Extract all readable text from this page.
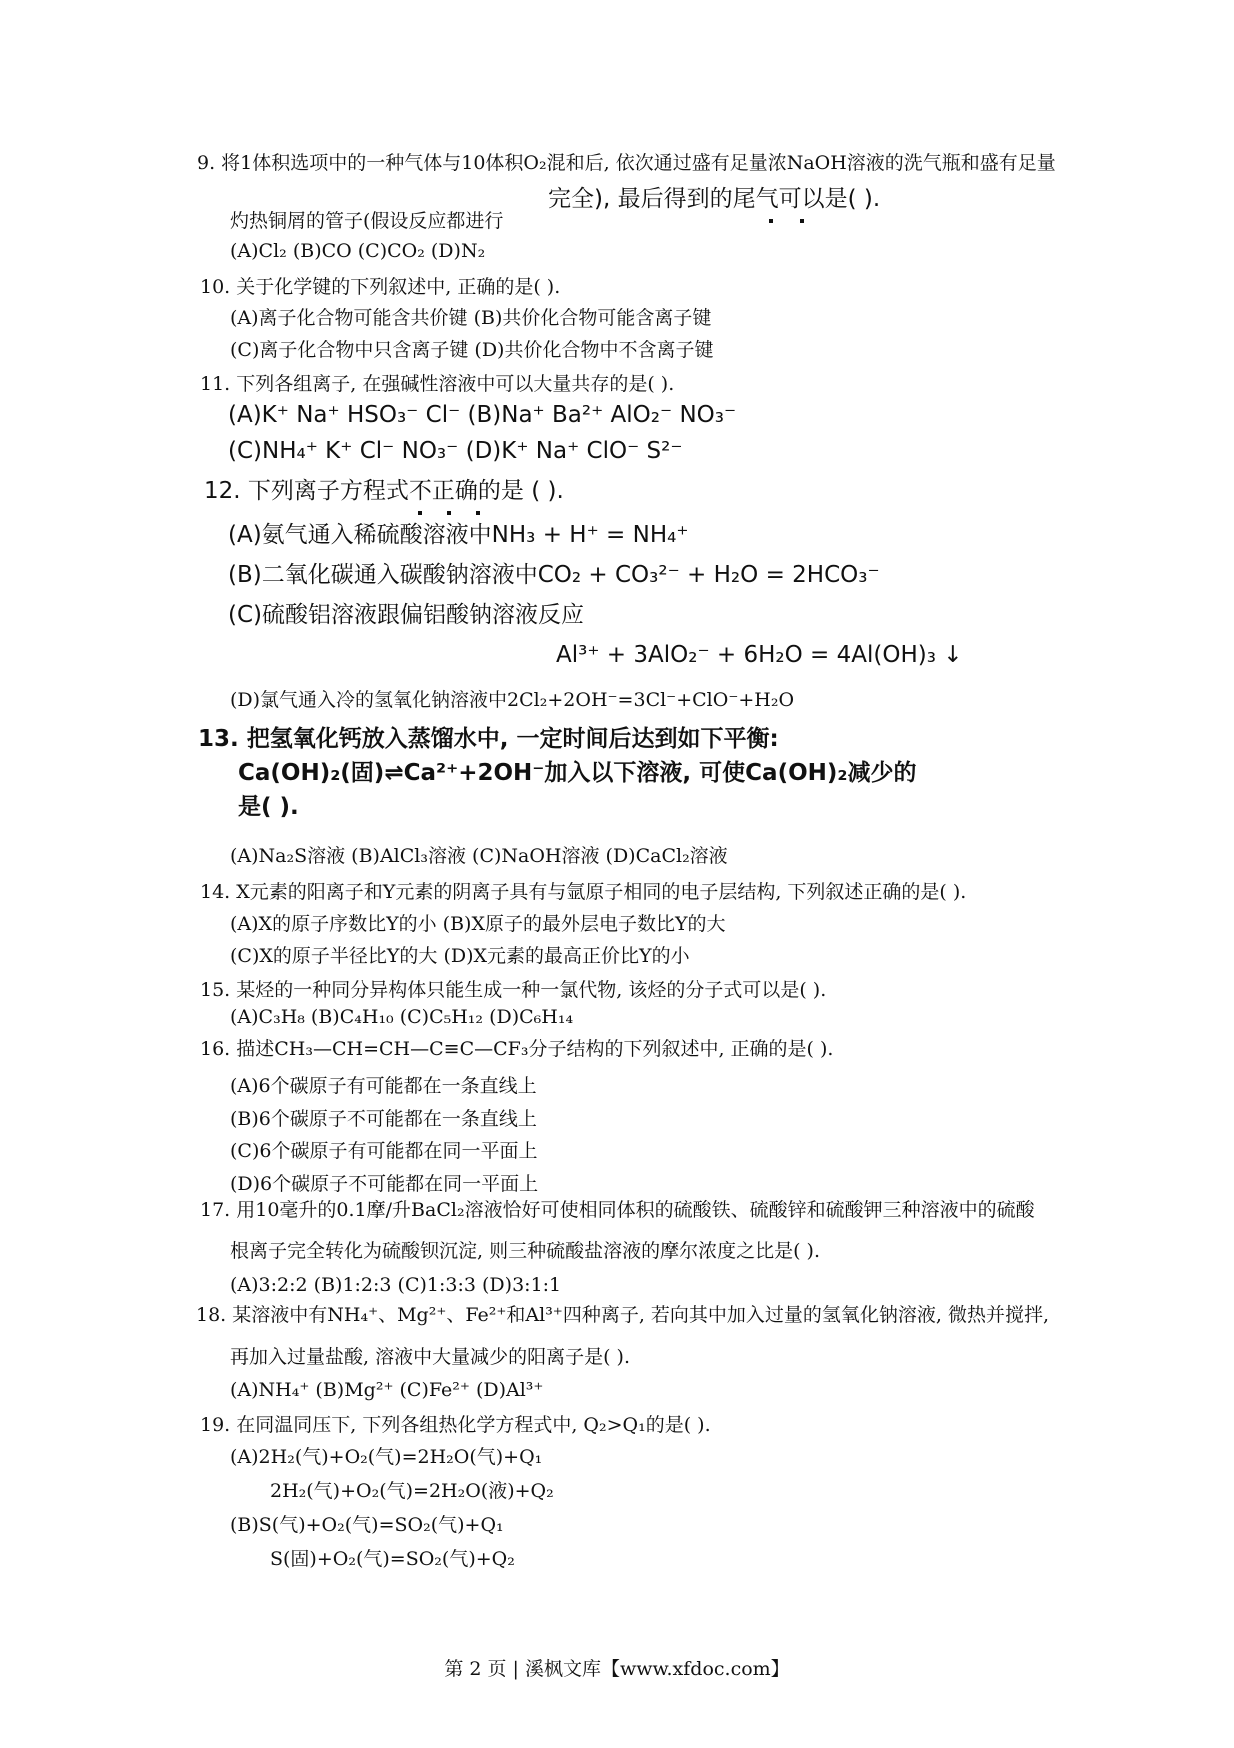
9. 将1体积选项中的一种气体与10体积O₂混和后, 依次通过盛有足量浓NaOH溶液的洗气瓶和盛有足量
完全), 最后得到的尾气可以是( ).
灼热铜屑的管子(假设反应都进行
(A)Cl₂ (B)CO (C)CO₂ (D)N₂
10. 关于化学键的下列叙述中, 正确的是( ).
(A)离子化合物可能含共价键 (B)共价化合物可能含离子键
(C)离子化合物中只含离子键 (D)共价化合物中不含离子键
11. 下列各组离子, 在强碱性溶液中可以大量共存的是( ).
(A)K⁺ Na⁺ HSO₃⁻ Cl⁻ (B)Na⁺ Ba²⁺ AlO₂⁻ NO₃⁻
(C)NH₄⁺ K⁺ Cl⁻ NO₃⁻ (D)K⁺ Na⁺ ClO⁻ S²⁻
12. 下列离子方程式不正确的是 ( ).
(A)氨气通入稀硫酸溶液中NH₃ + H⁺ = NH₄⁺
(B)二氧化碳通入碳酸钠溶液中CO₂ + CO₃²⁻ + H₂O = 2HCO₃⁻
(C)硫酸铝溶液跟偏铝酸钠溶液反应
Al³⁺ + 3AlO₂⁻ + 6H₂O = 4Al(OH)₃ ↓
(D)氯气通入冷的氢氧化钠溶液中2Cl₂+2OH⁻=3Cl⁻+ClO⁻+H₂O
13. 把氢氧化钙放入蒸馏水中, 一定时间后达到如下平衡:
Ca(OH)₂(固)⇌Ca²⁺+2OH⁻加入以下溶液, 可使Ca(OH)₂减少的
是( ).
(A)Na₂S溶液 (B)AlCl₃溶液 (C)NaOH溶液 (D)CaCl₂溶液
14. X元素的阳离子和Y元素的阴离子具有与氩原子相同的电子层结构, 下列叙述正确的是( ).
(A)X的原子序数比Y的小 (B)X原子的最外层电子数比Y的大
(C)X的原子半径比Y的大 (D)X元素的最高正价比Y的小
15. 某烃的一种同分异构体只能生成一种一氯代物, 该烃的分子式可以是( ).
(A)C₃H₈ (B)C₄H₁₀ (C)C₅H₁₂ (D)C₆H₁₄
16. 描述CH₃—CH=CH—C≡C—CF₃分子结构的下列叙述中, 正确的是( ).
(A)6个碳原子有可能都在一条直线上
(B)6个碳原子不可能都在一条直线上
(C)6个碳原子有可能都在同一平面上
(D)6个碳原子不可能都在同一平面上
17. 用10毫升的0.1摩/升BaCl₂溶液恰好可使相同体积的硫酸铁、硫酸锌和硫酸钾三种溶液中的硫酸
根离子完全转化为硫酸钡沉淀, 则三种硫酸盐溶液的摩尔浓度之比是( ).
(A)3:2:2 (B)1:2:3 (C)1:3:3 (D)3:1:1
18. 某溶液中有NH₄⁺、Mg²⁺、Fe²⁺和Al³⁺四种离子, 若向其中加入过量的氢氧化钠溶液, 微热并搅拌,
再加入过量盐酸, 溶液中大量减少的阳离子是( ).
(A)NH₄⁺ (B)Mg²⁺ (C)Fe²⁺ (D)Al³⁺
19. 在同温同压下, 下列各组热化学方程式中, Q₂>Q₁的是( ).
(A)2H₂(气)+O₂(气)=2H₂O(气)+Q₁
2H₂(气)+O₂(气)=2H₂O(液)+Q₂
(B)S(气)+O₂(气)=SO₂(气)+Q₁
S(固)+O₂(气)=SO₂(气)+Q₂
第 2 页 | 溪枫文库【www.xfdoc.com】
